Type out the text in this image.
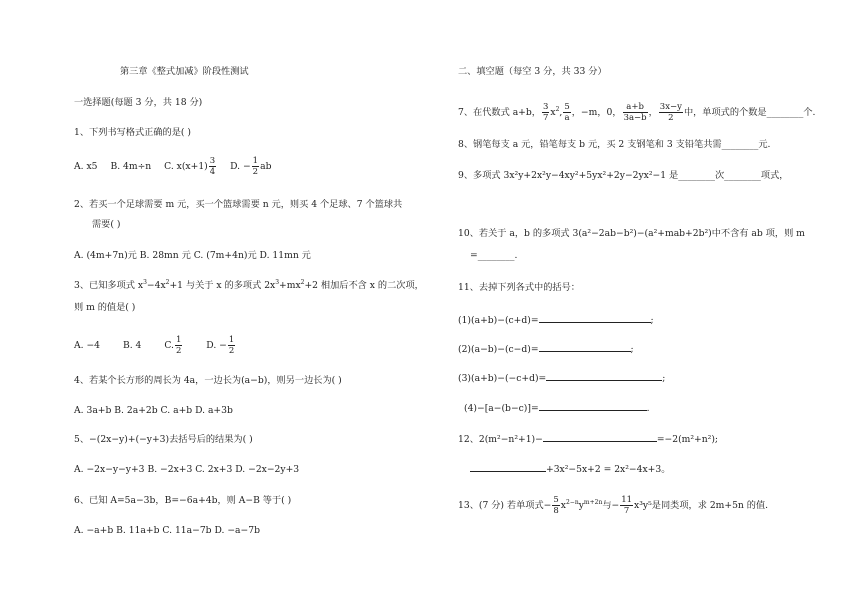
第三章《整式加减》阶段性测试
一选择题(每题 3 分，共 18 分)
1、下列书写格式正确的是( )
A. x5 B. 4m÷n C. $x(x+1) \frac{3}{4} D$. − $\frac{1}{2}$ ab
2、若买一个足球需要 m 元，买一个篮球需要 n 元，则买 4 个足球、7 个篮球共
需要( )
A. (4m+7n)元 B. 28mn 元 C. (7m+4n)元 D. 11mn 元
3、已知多项式 $x^3-4x^2+1$ 与关于 x 的多项式 $2x^3+mx^2+2$ 相加后不含 x 的二次项，
则 m 的值是( )
A. −4 B. 4 C. $\frac{1}{2}$	D. − $\frac{1}{2}$
4、若某个长方形的周长为 4a，一边长为(a−b)，则另一边长为( )
A. 3a+b B. 2a+2b C. a+b D. a+3b
5、−(2x−y)+(−y+3)去括号后的结果为( )
A. −2x−y−y+3 B. −2x+3 C. 2x+3 D. −2x−2y+3
6、已知 A=5a−3b，B=−6a+4b，则 A−B 等于( )
A. −a+b B. 11a+b C. 11a−7b D. −a−7b
二、填空题（每空 3 分，共 33 分）
7、在代数式 a+b， $\frac{3}{7} x^2$, $\frac{5}{a}$ ，−m，0， $\frac{a+b}{3a-b}$ ， $\frac{3x-y}{2}$ 中，单项式的个数是________个.
8、钢笔每支 a 元，铅笔每支 b 元，买 2 支钢笔和 3 支铅笔共需________元.
9、多项式 3x²y+2x²y−4xy²+5yx²+2y−2yx²−1 是________次________项式，
10、若关于 a，b 的多项式 3(a²−2ab−b²)−(a²+mab+2b²)中不含有 ab 项，则 m
=________.
11、去掉下列各式中的括号：
(1)(a+b)−(c+d)=	;
(2)(a−b)−(c−d)=	;
(3)(a+b)−(−c+d)=	;
(4)−[a−(b−c)]=	.
12、2(m²−n²+1)−	=−2(m²+n²);
+3x²−5x+2 = 2x²−4x+3。
13、(7 分) 若单项式− $\frac{5}{8} x^{2-n}y^{m+2n}$与− $\frac{11}{7} x^3y^5$是同类项，求 2m+5n 的值.
